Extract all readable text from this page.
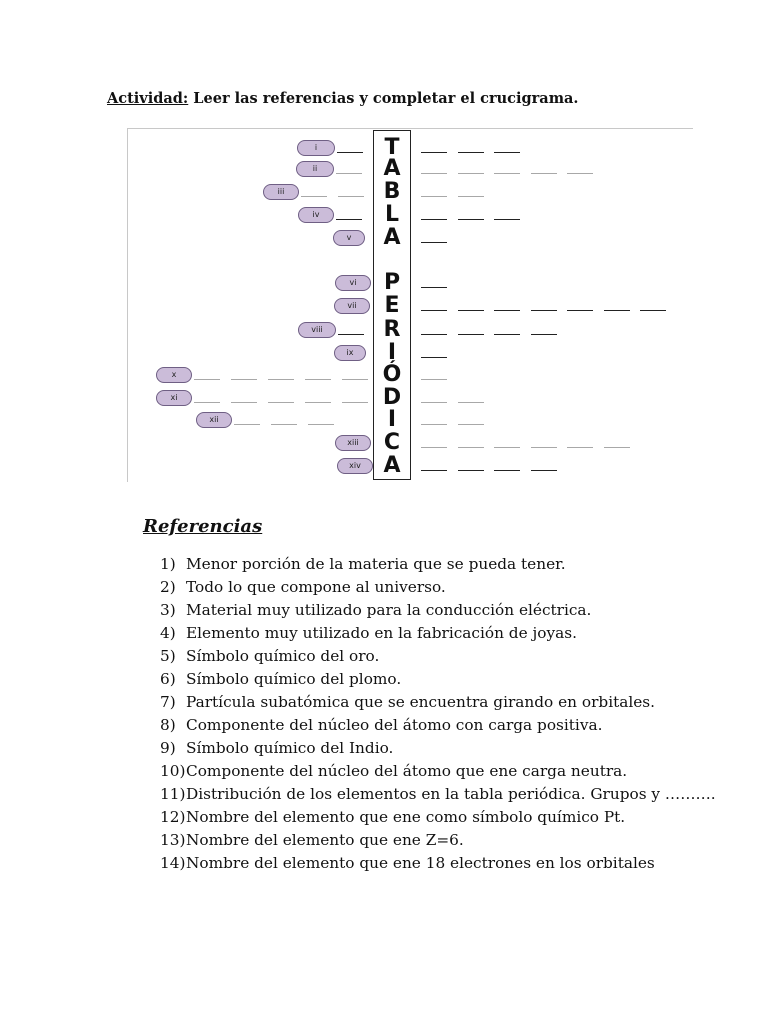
Actividad: Leer las referencias y completar el crucigrama.
i	T
ii	A
iii	B
iv	L
v	A
vi	P
vii	E
viii	R
ix	I
x	Ó
xi	D
xii	I
xiii	C
xiv	A
Referencias
1) Menor porción de la materia que se pueda tener.
2) Todo lo que compone al universo.
3) Material muy utilizado para la conducción eléctrica.
4) Elemento muy utilizado en la fabricación de joyas.
5) Símbolo químico del oro.
6) Símbolo químico del plomo.
7) Partícula subatómica que se encuentra girando en orbitales.
8) Componente del núcleo del átomo con carga positiva.
9) Símbolo químico del Indio.
10) Componente del núcleo del átomo que ene carga neutra.
11) Distribución de los elementos en la tabla periódica. Grupos y ……….
12) Nombre del elemento que ene como símbolo químico Pt.
13) Nombre del elemento que ene Z=6.
14) Nombre del elemento que ene 18 electrones en los orbitales
